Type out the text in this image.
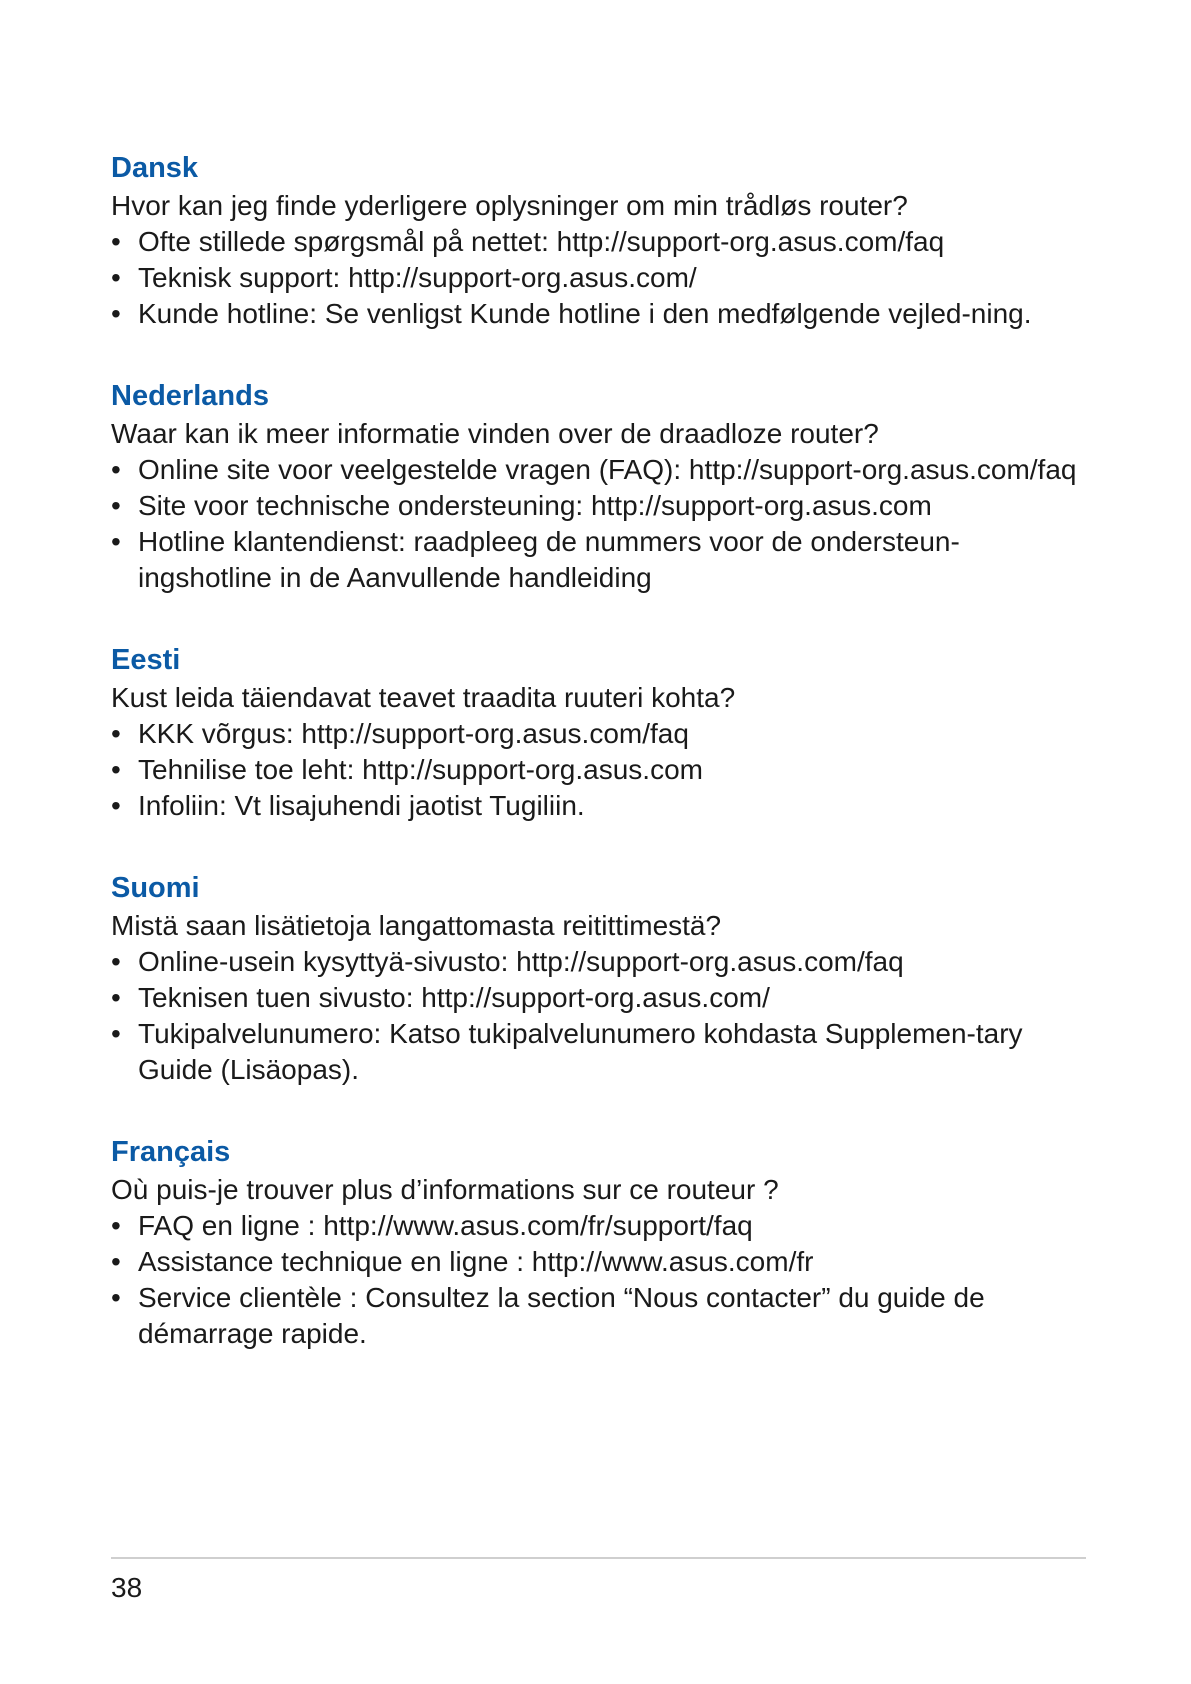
Dansk

Hvor kan jeg finde yderligere oplysninger om min trådløs router?

• Ofte stillede spørgsmål på nettet: http://support-org.asus.com/faq
• Teknisk support: http://support-org.asus.com/
• Kunde hotline: Se venligst Kunde hotline i den medfølgende vejled-ning.
Nederlands

Waar kan ik meer informatie vinden over de draadloze router?

• Online site voor veelgestelde vragen (FAQ): http://support-org.asus.com/faq
• Site voor technische ondersteuning: http://support-org.asus.com
• Hotline klantendienst: raadpleeg de nummers voor de ondersteun-ingshotline in de Aanvullende handleiding
Eesti

Kust leida täiendavat teavet traadita ruuteri kohta?

• KKK võrgus: http://support-org.asus.com/faq
• Tehnilise toe leht: http://support-org.asus.com
• Infoliin: Vt lisajuhendi jaotist Tugiliin.
Suomi

Mistä saan lisätietoja langattomasta reitittimestä?

• Online-usein kysyttyä-sivusto: http://support-org.asus.com/faq
• Teknisen tuen sivusto: http://support-org.asus.com/
• Tukipalvelunumero: Katso tukipalvelunumero kohdasta Supplemen-tary Guide (Lisäopas).
Français

Où puis-je trouver plus d’informations sur ce routeur ?

• FAQ en ligne : http://www.asus.com/fr/support/faq
• Assistance technique en ligne : http://www.asus.com/fr
• Service clientèle : Consultez la section “Nous contacter” du guide de démarrage rapide.
38
